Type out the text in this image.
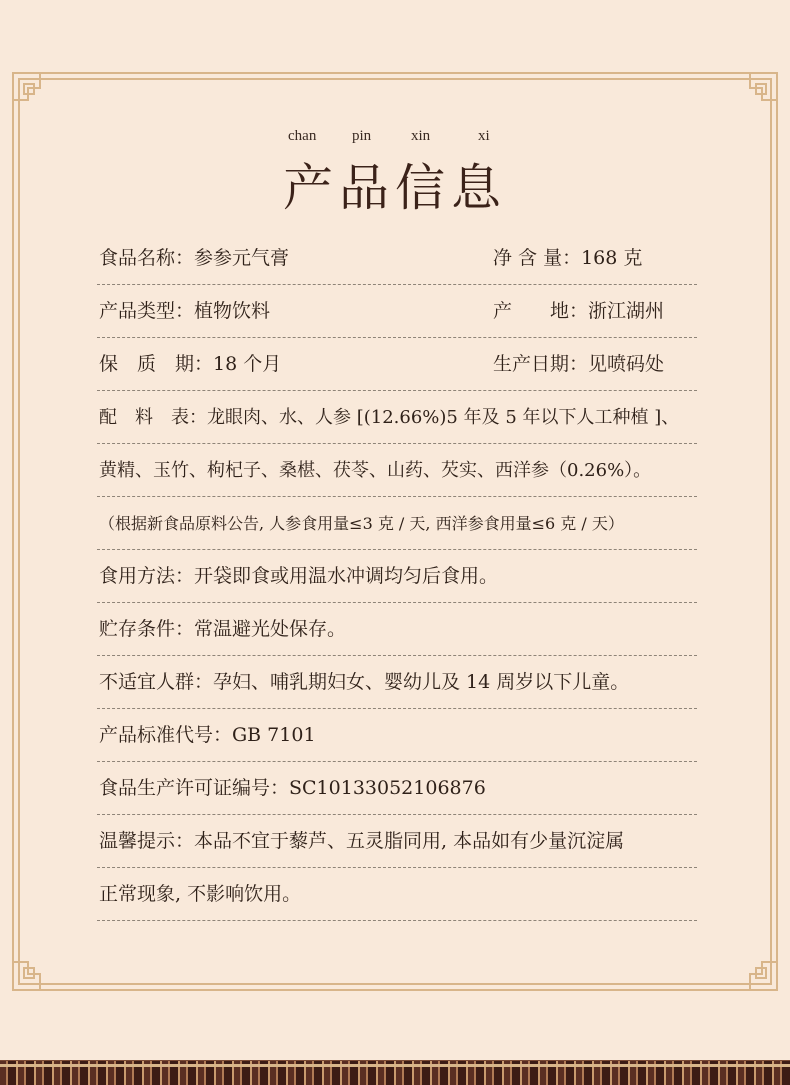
chan pin	xin	xi
产品信息
食品名称：参参元气膏	净 含 量：168 克
产品类型：植物饮料	产　　地：浙江湖州
保　质　期：18 个月	生产日期：见喷码处
配　料　表：龙眼肉、水、人参 [(12.66%)5 年及 5 年以下人工种植 ]、
黄精、玉竹、枸杞子、桑椹、茯苓、山药、芡实、西洋参（0.26%）。
（根据新食品原料公告, 人参食用量≤3 克 / 天, 西洋参食用量≤6 克 / 天）
食用方法：开袋即食或用温水冲调均匀后食用。
贮存条件：常温避光处保存。
不适宜人群：孕妇、哺乳期妇女、婴幼儿及 14 周岁以下儿童。
产品标准代号：GB 7101
食品生产许可证编号：SC10133052106876
温馨提示：本品不宜于藜芦、五灵脂同用, 本品如有少量沉淀属
正常现象, 不影响饮用。
